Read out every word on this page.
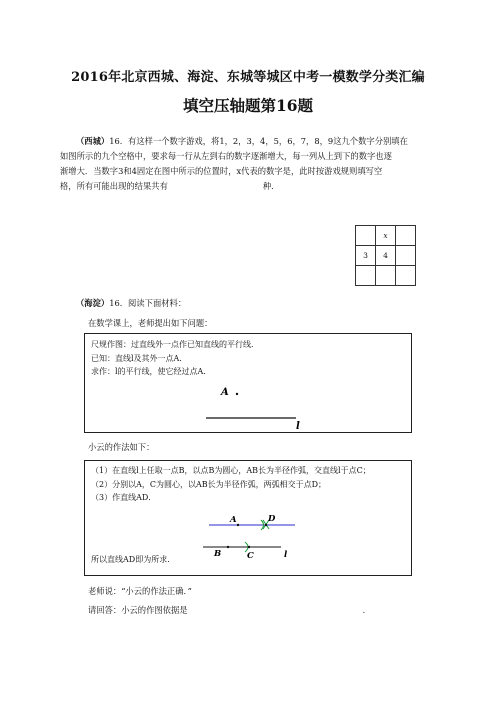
2016年北京西城、海淀、东城等城区中考一模数学分类汇编
填空压轴题第16题
（西城）16．有这样一个数字游戏，将1，2，3，4，5，6，7，8，9这九个数字分别填在
如图所示的九个空格中，要求每一行从左到右的数字逐渐增大，每一列从上到下的数字也逐
渐增大．当数字3和4固定在图中所示的位置时，x代表的数字是，此时按游戏规则填写空
格，所有可能出现的结果共有	种．
	x	
3	4	

（海淀）16．阅读下面材料：
在数学课上，老师提出如下问题：
尺规作图：过直线外一点作已知直线的平行线．
已知：直线l及其外一点A．
求作：l的平行线，使它经过点A．
A
l
小云的作法如下：
（1）在直线l上任取一点B，以点B为圆心，AB长为半径作弧，交直线l于点C；
（2）分别以A，C为圆心，以AB长为半径作弧，两弧相交于点D；
（3）作直线AD．
A	D
B	C	l
所以直线AD即为所求．
老师说：“小云的作法正确．”
请回答：小云的作图依据是	．
